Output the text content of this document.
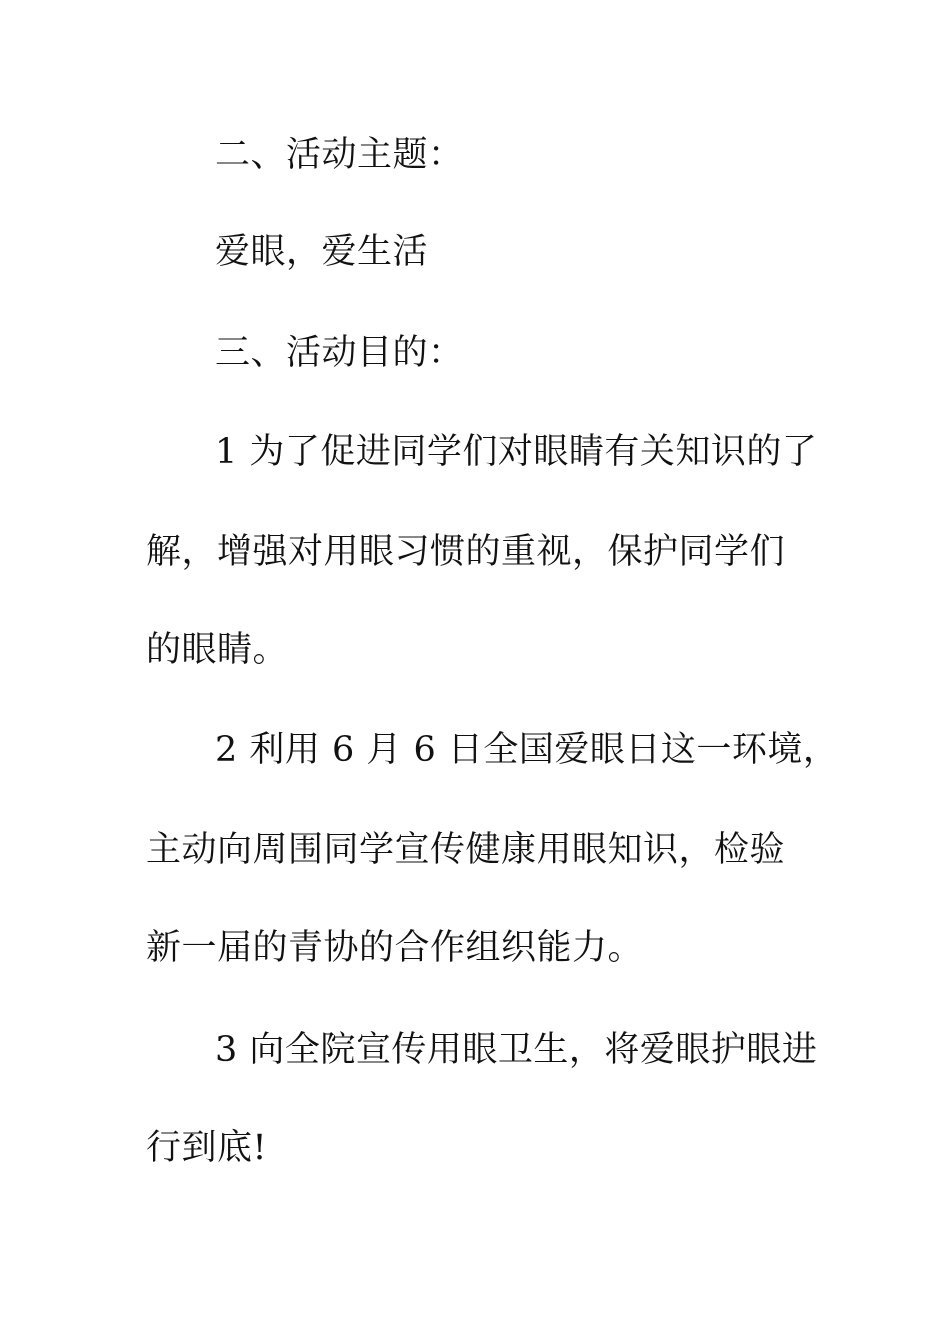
二、活动主题：
爱眼，爱生活
三、活动目的：
1 为了促进同学们对眼睛有关知识的了
解，增强对用眼习惯的重视，保护同学们
的眼睛。
2 利用 6 月 6 日全国爱眼日这一环境，
主动向周围同学宣传健康用眼知识，检验
新一届的青协的合作组织能力。
3 向全院宣传用眼卫生，将爱眼护眼进
行到底!
